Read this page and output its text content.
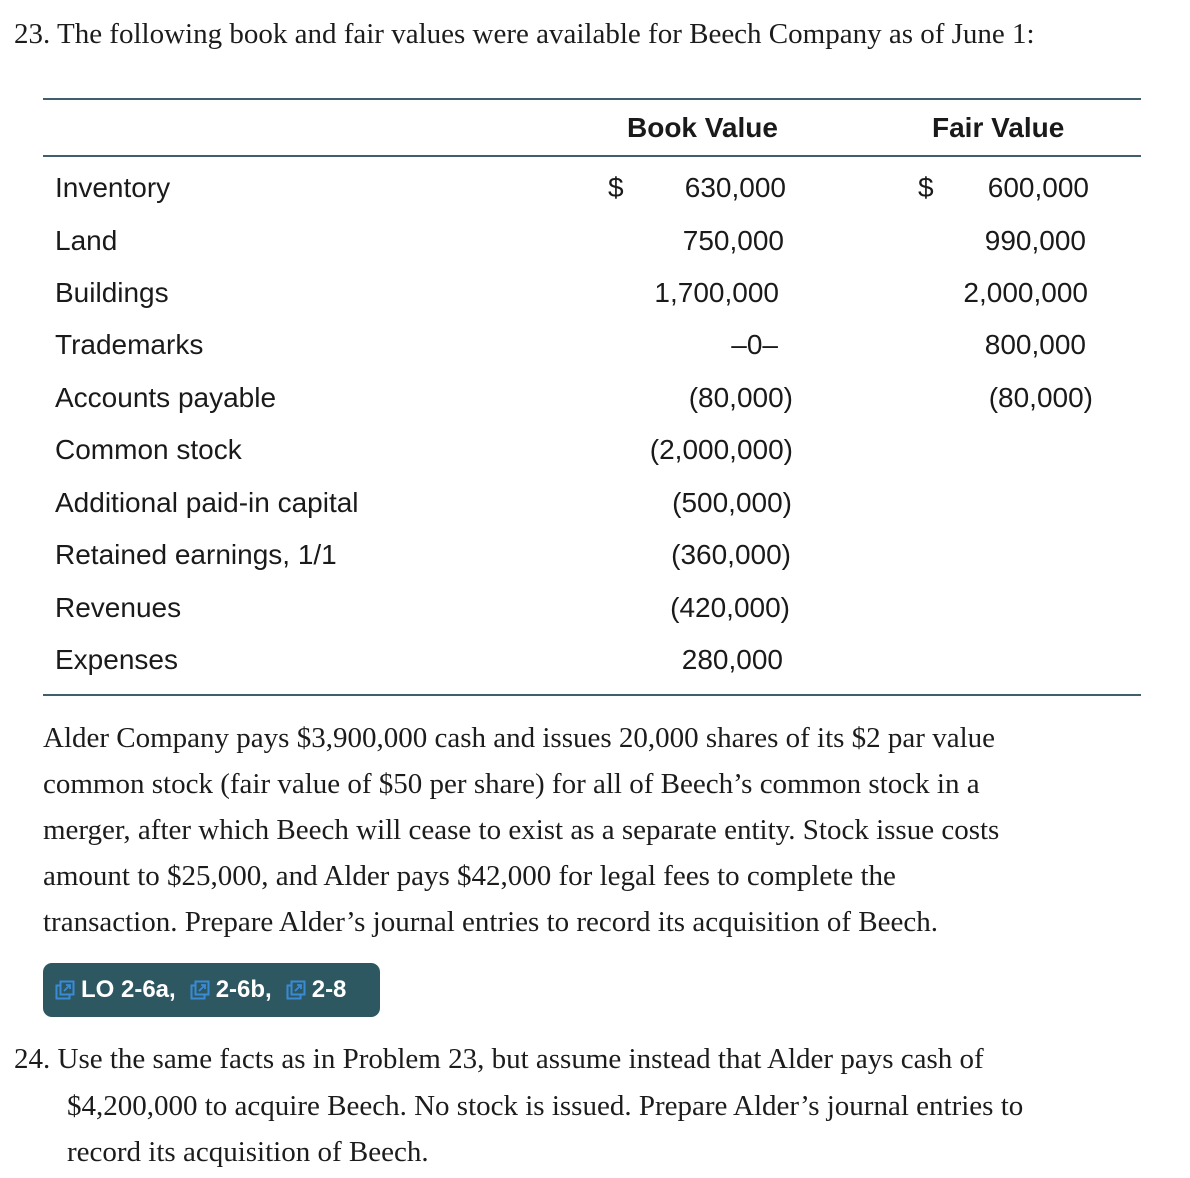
23. The following book and fair values were available for Beech Company as of June 1:
Book Value	Fair Value
$	$
Inventory	630,000	600,000
Land	750,000	990,000
Buildings	1,700,000	2,000,000
Trademarks	–0–	800,000
Accounts payable	(80,000)	(80,000)
Common stock	(2,000,000)
Additional paid-in capital	(500,000)
Retained earnings, 1/1	(360,000)
Revenues	(420,000)
Expenses	280,000
Alder Company pays $3,900,000 cash and issues 20,000 shares of its $2 par value
common stock (fair value of $50 per share) for all of Beech’s common stock in a
merger, after which Beech will cease to exist as a separate entity. Stock issue costs
amount to $25,000, and Alder pays $42,000 for legal fees to complete the
transaction. Prepare Alder’s journal entries to record its acquisition of Beech.
LO 2-6a, 2-6b, 2-8
24. Use the same facts as in Problem 23, but assume instead that Alder pays cash of
$4,200,000 to acquire Beech. No stock is issued. Prepare Alder’s journal entries to
record its acquisition of Beech.
